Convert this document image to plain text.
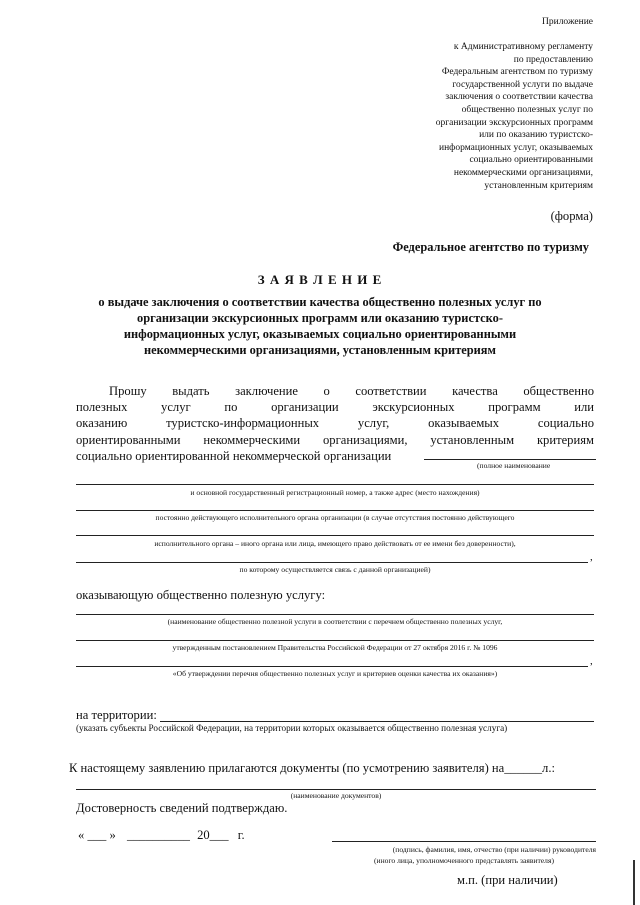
Приложение
к Административному регламенту
по предоставлению
Федеральным агентством по туризму
государственной услуги по выдаче
заключения о соответствии качества
общественно полезных услуг по
организации экскурсионных программ
или по оказанию туристско-
информационных услуг, оказываемых
социально ориентированными
некоммерческими организациями,
установленным критериям
(форма)
Федеральное агентство по туризму
З А Я В Л Е Н И Е
о выдаче заключения о соответствии качества общественно полезных услуг по
организации экскурсионных программ или оказанию туристско-
информационных услуг, оказываемых социально ориентированными
некоммерческими организациями, установленным критериям
Прошу выдать заключение о соответствии качества общественно
полезных услуг по организации экскурсионных программ или
оказанию туристско-информационных услуг, оказываемых социально
ориентированными некоммерческими организациями, установленным критериям
социально ориентированной некоммерческой организации
(полное наименование
и основной государственный регистрационный номер, а также адрес (место нахождения)
постоянно действующего исполнительного органа организации (в случае отсутствия постоянно действующего
исполнительного органа – иного органа или лица, имеющего право действовать от ее имени без доверенности),
,
по которому осуществляется связь с данной организацией)
оказывающую общественно полезную услугу:
(наименование общественно полезной услуги в соответствии с перечнем общественно полезных услуг,
утвержденным постановлением Правительства Российской Федерации от 27 октября 2016 г. № 1096
,
«Об утверждении перечня общественно полезных услуг и критериев оценки качества их оказания»)
на территории:
(указать субъекты Российской Федерации, на территории которых оказывается общественно полезная услуга)
К настоящему заявлению прилагаются документы (по усмотрению заявителя) на______л.:
(наименование документов)
Достоверность сведений подтверждаю.
« ___ » __________ 20___ г.
(подпись, фамилия, имя, отчество (при наличии) руководителя
(иного лица, уполномоченного представлять заявителя)
м.п. (при наличии)
